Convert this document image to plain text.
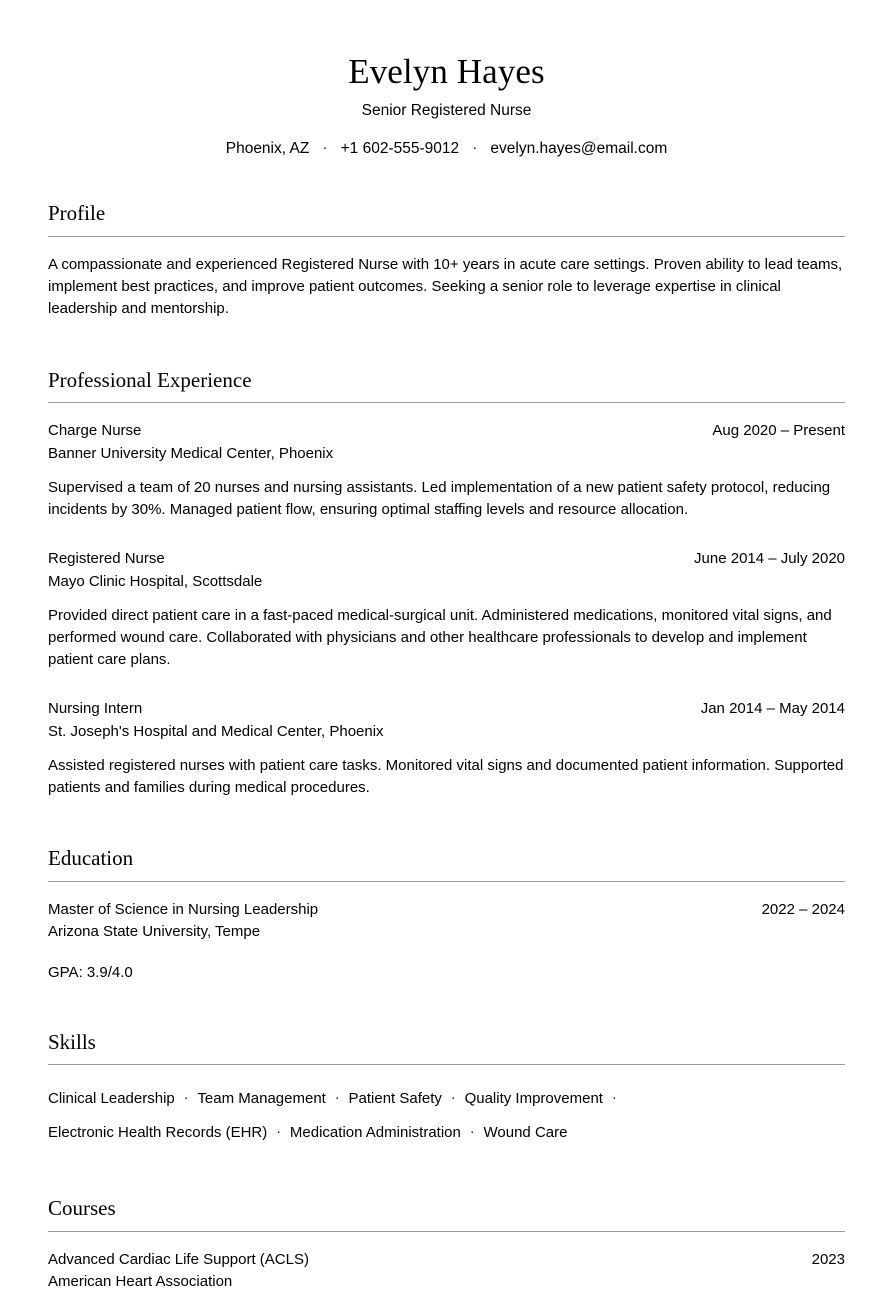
Evelyn Hayes
Senior Registered Nurse
Phoenix, AZ · +1 602-555-9012 · evelyn.hayes@email.com
Profile

A compassionate and experienced Registered Nurse with 10+ years in acute care settings. Proven ability to lead teams, implement best practices, and improve patient outcomes. Seeking a senior role to leverage expertise in clinical leadership and mentorship.

Professional Experience
Charge Nurse	Aug 2020 – Present
Banner University Medical Center, Phoenix
Supervised a team of 20 nurses and nursing assistants. Led implementation of a new patient safety protocol, reducing incidents by 30%. Managed patient flow, ensuring optimal staffing levels and resource allocation.
Registered Nurse	June 2014 – July 2020
Mayo Clinic Hospital, Scottsdale
Provided direct patient care in a fast-paced medical-surgical unit. Administered medications, monitored vital signs, and performed wound care. Collaborated with physicians and other healthcare professionals to develop and implement patient care plans.
Nursing Intern	Jan 2014 – May 2014
St. Joseph's Hospital and Medical Center, Phoenix
Assisted registered nurses with patient care tasks. Monitored vital signs and documented patient information. Supported patients and families during medical procedures.
Education
Master of Science in Nursing Leadership	2022 – 2024
Arizona State University, Tempe
GPA: 3.9/4.0
Skills
Clinical Leadership · Team Management · Patient Safety · Quality Improvement ·Electronic Health Records (EHR) · Medication Administration · Wound Care
Courses
Advanced Cardiac Life Support (ACLS)	2023
American Heart Association
